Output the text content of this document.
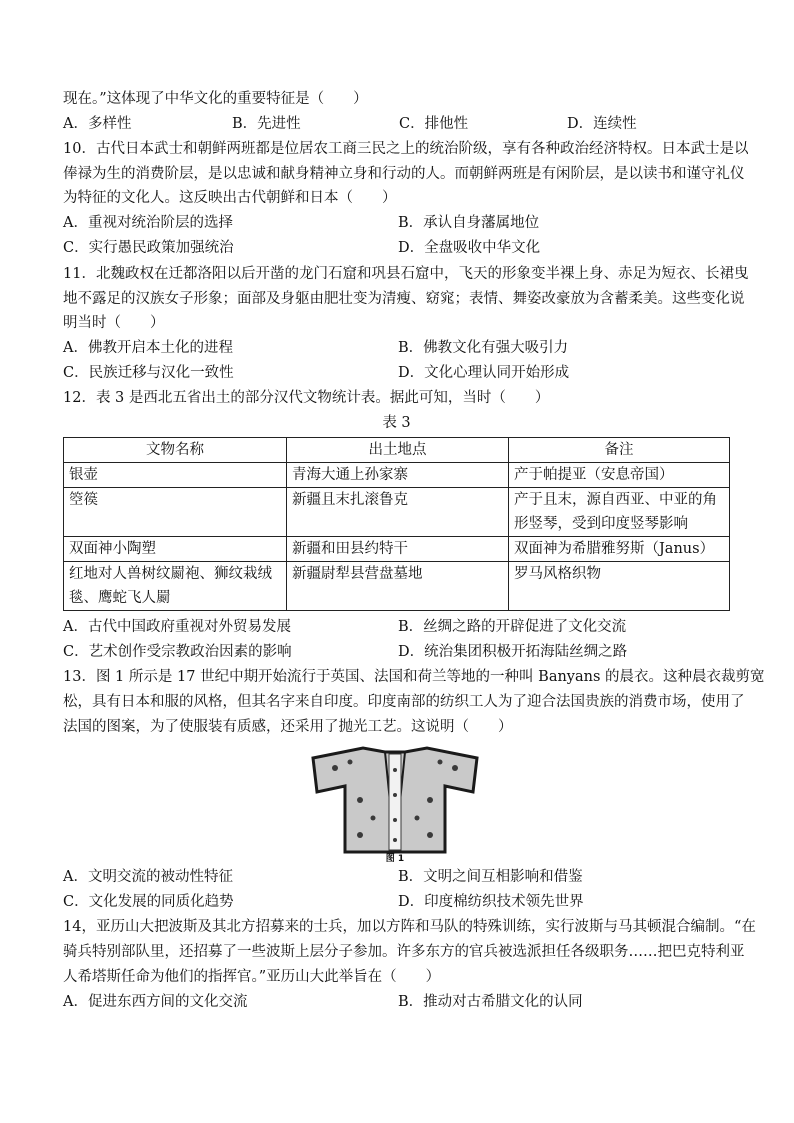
现在。”这体现了中华文化的重要特征是（　　）
A．多样性	B．先进性	C．排他性	D．连续性
10．古代日本武士和朝鲜两班都是位居农工商三民之上的统治阶级，享有各种政治经济特权。日本武士是以
俸禄为生的消费阶层，是以忠诚和献身精神立身和行动的人。而朝鲜两班是有闲阶层，是以读书和谨守礼仪
为特征的文化人。这反映出古代朝鲜和日本（　　）
A．重视对统治阶层的选择	B．承认自身藩属地位
C．实行愚民政策加强统治	D．全盘吸收中华文化
11．北魏政权在迁都洛阳以后开凿的龙门石窟和巩县石窟中，飞天的形象变半裸上身、赤足为短衣、长裙曳
地不露足的汉族女子形象；面部及身躯由肥壮变为清瘦、窈窕；表情、舞姿改豪放为含蓄柔美。这些变化说
明当时（　　）
A．佛教开启本土化的进程	B．佛教文化有强大吸引力
C．民族迁移与汉化一致性	D．文化心理认同开始形成
12．表 3 是西北五省出土的部分汉代文物统计表。据此可知，当时（　　）
表 3
文物名称	出土地点	备注
银壶	青海大通上孙家寨	产于帕提亚（安息帝国）
箜篌	新疆且末扎滚鲁克	产于且末，源自西亚、中亚的角形竖琴，受到印度竖琴影响
双面神小陶塑	新疆和田县约特干	双面神为希腊雅努斯（Janus）
红地对人兽树纹罽袍、狮纹栽绒毯、鹰蛇飞人罽	新疆尉犁县营盘墓地	罗马风格织物
A．古代中国政府重视对外贸易发展	B．丝绸之路的开辟促进了文化交流
C．艺术创作受宗教政治因素的影响	D．统治集团积极开拓海陆丝绸之路
13．图 1 所示是 17 世纪中期开始流行于英国、法国和荷兰等地的一种叫 Banyans 的晨衣。这种晨衣裁剪宽
松，具有日本和服的风格，但其名字来自印度。印度南部的纺织工人为了迎合法国贵族的消费市场，使用了
法国的图案，为了使服装有质感，还采用了抛光工艺。这说明（　　）
图 1
A．文明交流的被动性特征	B．文明之间互相影响和借鉴
C．文化发展的同质化趋势	D．印度棉纺织技术领先世界
14，亚历山大把波斯及其北方招募来的士兵，加以方阵和马队的特殊训练，实行波斯与马其顿混合编制。“在
骑兵特别部队里，还招募了一些波斯上层分子参加。许多东方的官兵被选派担任各级职务……把巴克特利亚
人希塔斯任命为他们的指挥官。”亚历山大此举旨在（　　）
A．促进东西方间的文化交流	B．推动对古希腊文化的认同
